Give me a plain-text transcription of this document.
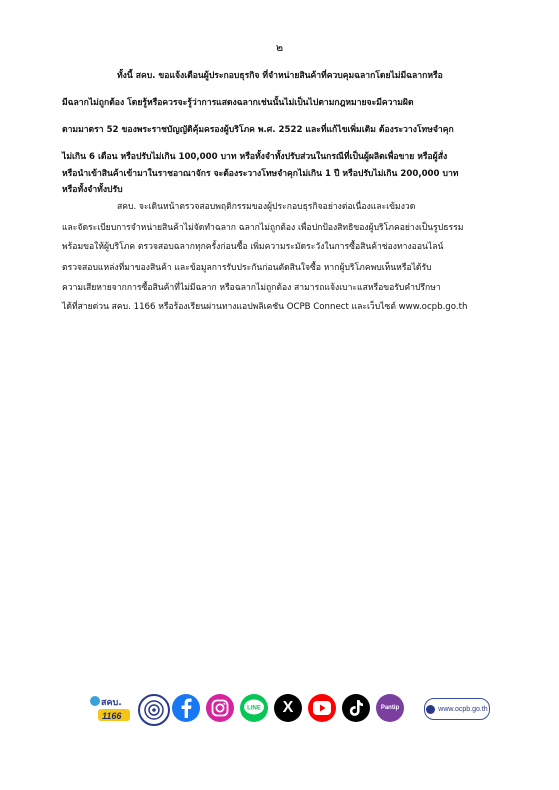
๒
ทั้งนี้ สคบ. ขอแจ้งเตือนผู้ประกอบธุรกิจ ที่จำหน่ายสินค้าที่ควบคุมฉลากโดยไม่มีฉลากหรือ
มีฉลากไม่ถูกต้อง โดยรู้หรือควรจะรู้ว่าการแสดงฉลากเช่นนั้นไม่เป็นไปตามกฎหมายจะมีความผิด
ตามมาตรา 52 ของพระราชบัญญัติคุ้มครองผู้บริโภค พ.ศ. 2522 และที่แก้ไขเพิ่มเติม ต้องระวางโทษจำคุก
ไม่เกิน 6 เดือน หรือปรับไม่เกิน 100,000 บาท หรือทั้งจำทั้งปรับส่วนในกรณีที่เป็นผู้ผลิตเพื่อขาย หรือผู้สั่ง
หรือนำเข้าสินค้าเข้ามาในราชอาณาจักร จะต้องระวางโทษจำคุกไม่เกิน 1 ปี หรือปรับไม่เกิน 200,000 บาท
หรือทั้งจำทั้งปรับ
สคบ. จะเดินหน้าตรวจสอบพฤติกรรมของผู้ประกอบธุรกิจอย่างต่อเนื่องและเข้มงวด
และจัดระเบียบการจำหน่ายสินค้าไม่จัดทำฉลาก ฉลากไม่ถูกต้อง เพื่อปกป้องสิทธิของผู้บริโภคอย่างเป็นรูปธรรม
พร้อมขอให้ผู้บริโภค ตรวจสอบฉลากทุกครั้งก่อนซื้อ เพิ่มความระมัดระวังในการซื้อสินค้าช่องทางออนไลน์
ตรวจสอบแหล่งที่มาของสินค้า และข้อมูลการรับประกันก่อนตัดสินใจซื้อ หากผู้บริโภคพบเห็นหรือได้รับ
ความเสียหายจากการซื้อสินค้าที่ไม่มีฉลาก หรือฉลากไม่ถูกต้อง สามารถแจ้งเบาะแสหรือขอรับคำปรึกษา
ได้ที่สายด่วน สคบ. 1166 หรือร้องเรียนผ่านทางแอปพลิเคชัน OCPB Connect และเว็บไซต์ www.ocpb.go.th
สคบ.
1166
LINE X	Pantip	www.ocpb.go.th
